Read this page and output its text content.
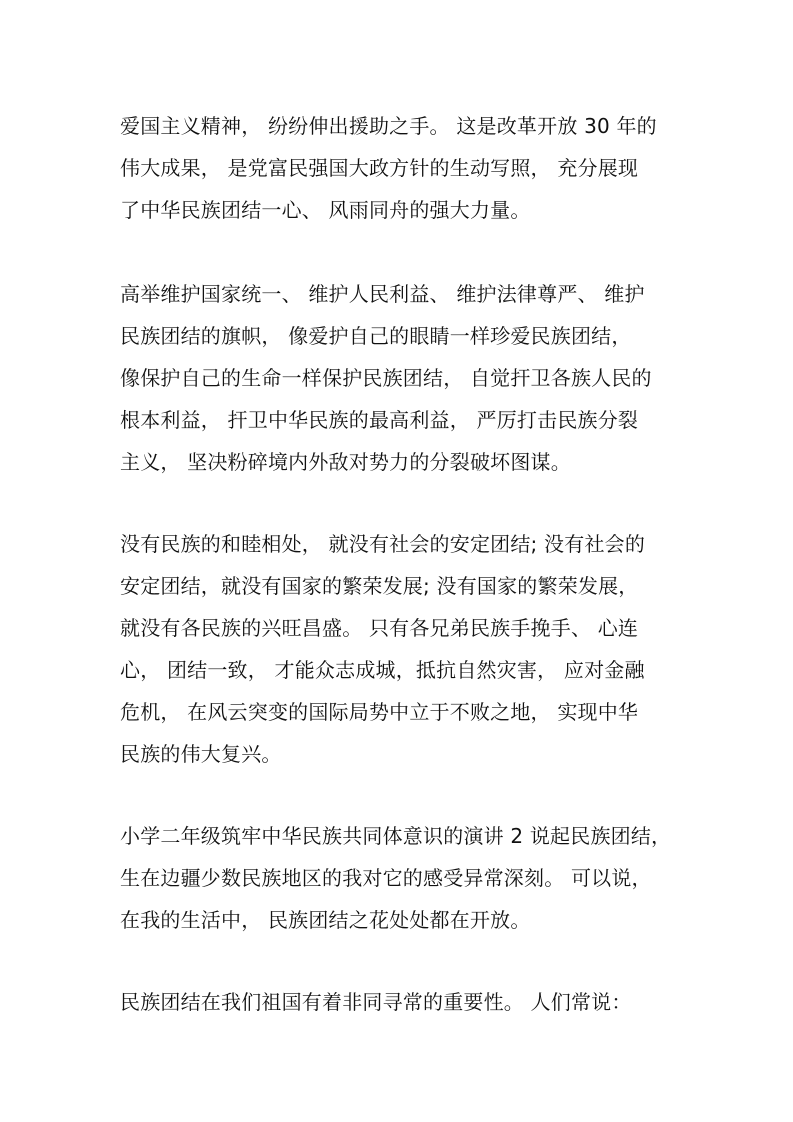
爱国主义精神， 纷纷伸出援助之手。 这是改革开放 30 年的
伟大成果， 是党富民强国大政方针的生动写照， 充分展现
了中华民族团结一心、 风雨同舟的强大力量。
高举维护国家统一、 维护人民利益、 维护法律尊严、 维护
民族团结的旗帜， 像爱护自己的眼睛一样珍爱民族团结，
像保护自己的生命一样保护民族团结， 自觉扞卫各族人民的
根本利益， 扞卫中华民族的最高利益， 严厉打击民族分裂
主义， 坚决粉碎境内外敌对势力的分裂破坏图谋。
没有民族的和睦相处， 就没有社会的安定团结; 没有社会的
安定团结，就没有国家的繁荣发展; 没有国家的繁荣发展，
就没有各民族的兴旺昌盛。 只有各兄弟民族手挽手、 心连
心， 团结一致， 才能众志成城，抵抗自然灾害， 应对金融
危机， 在风云突变的国际局势中立于不败之地， 实现中华
民族的伟大复兴。
小学二年级筑牢中华民族共同体意识的演讲 2 说起民族团结，
生在边疆少数民族地区的我对它的感受异常深刻。 可以说，
在我的生活中， 民族团结之花处处都在开放。
民族团结在我们祖国有着非同寻常的重要性。 人们常说：
